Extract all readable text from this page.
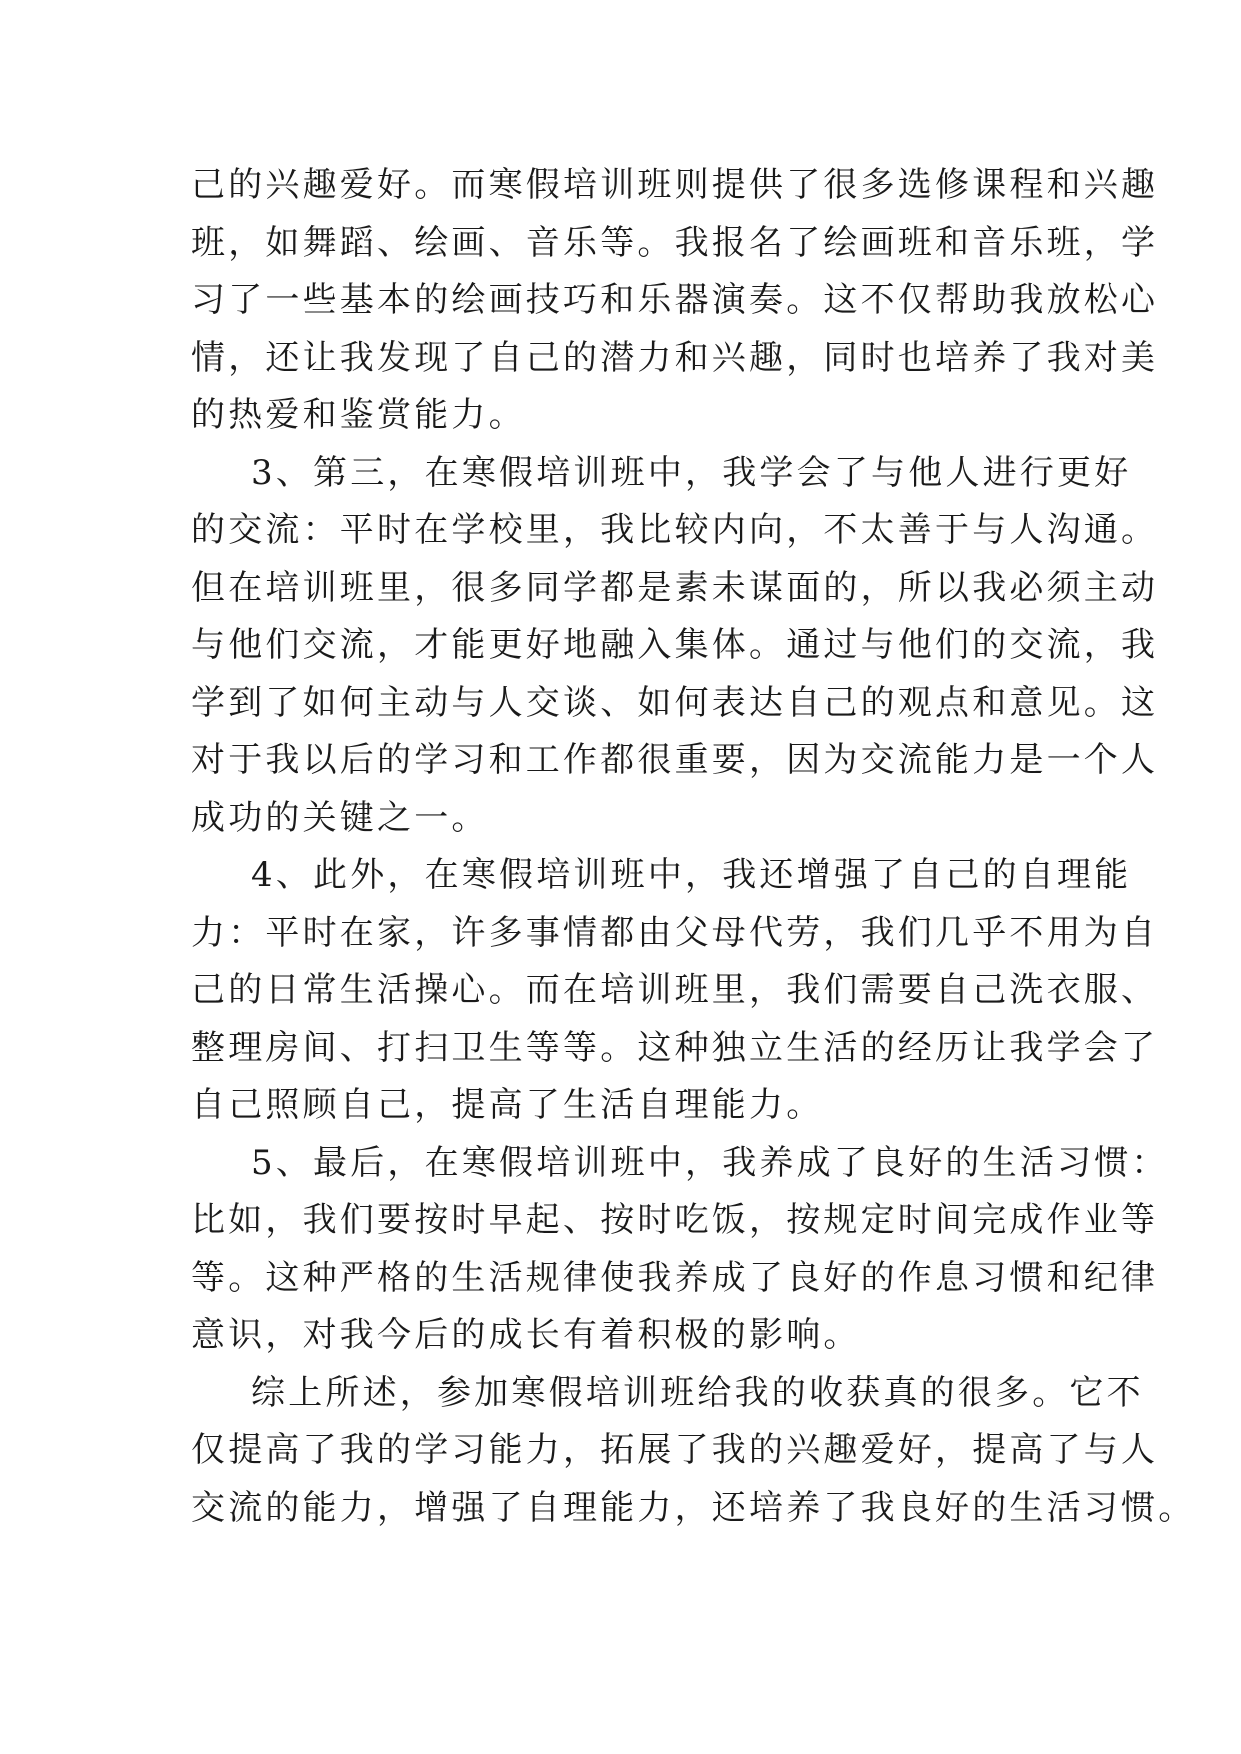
己的兴趣爱好。而寒假培训班则提供了很多选修课程和兴趣
班，如舞蹈、绘画、音乐等。我报名了绘画班和音乐班，学
习了一些基本的绘画技巧和乐器演奏。这不仅帮助我放松心
情，还让我发现了自己的潜力和兴趣，同时也培养了我对美
的热爱和鉴赏能力。
3、第三，在寒假培训班中，我学会了与他人进行更好
的交流：平时在学校里，我比较内向，不太善于与人沟通。
但在培训班里，很多同学都是素未谋面的，所以我必须主动
与他们交流，才能更好地融入集体。通过与他们的交流，我
学到了如何主动与人交谈、如何表达自己的观点和意见。这
对于我以后的学习和工作都很重要，因为交流能力是一个人
成功的关键之一。
4、此外，在寒假培训班中，我还增强了自己的自理能
力：平时在家，许多事情都由父母代劳，我们几乎不用为自
己的日常生活操心。而在培训班里，我们需要自己洗衣服、
整理房间、打扫卫生等等。这种独立生活的经历让我学会了
自己照顾自己，提高了生活自理能力。
5、最后，在寒假培训班中，我养成了良好的生活习惯：
比如，我们要按时早起、按时吃饭，按规定时间完成作业等
等。这种严格的生活规律使我养成了良好的作息习惯和纪律
意识，对我今后的成长有着积极的影响。
综上所述，参加寒假培训班给我的收获真的很多。它不
仅提高了我的学习能力，拓展了我的兴趣爱好，提高了与人
交流的能力，增强了自理能力，还培养了我良好的生活习惯。
